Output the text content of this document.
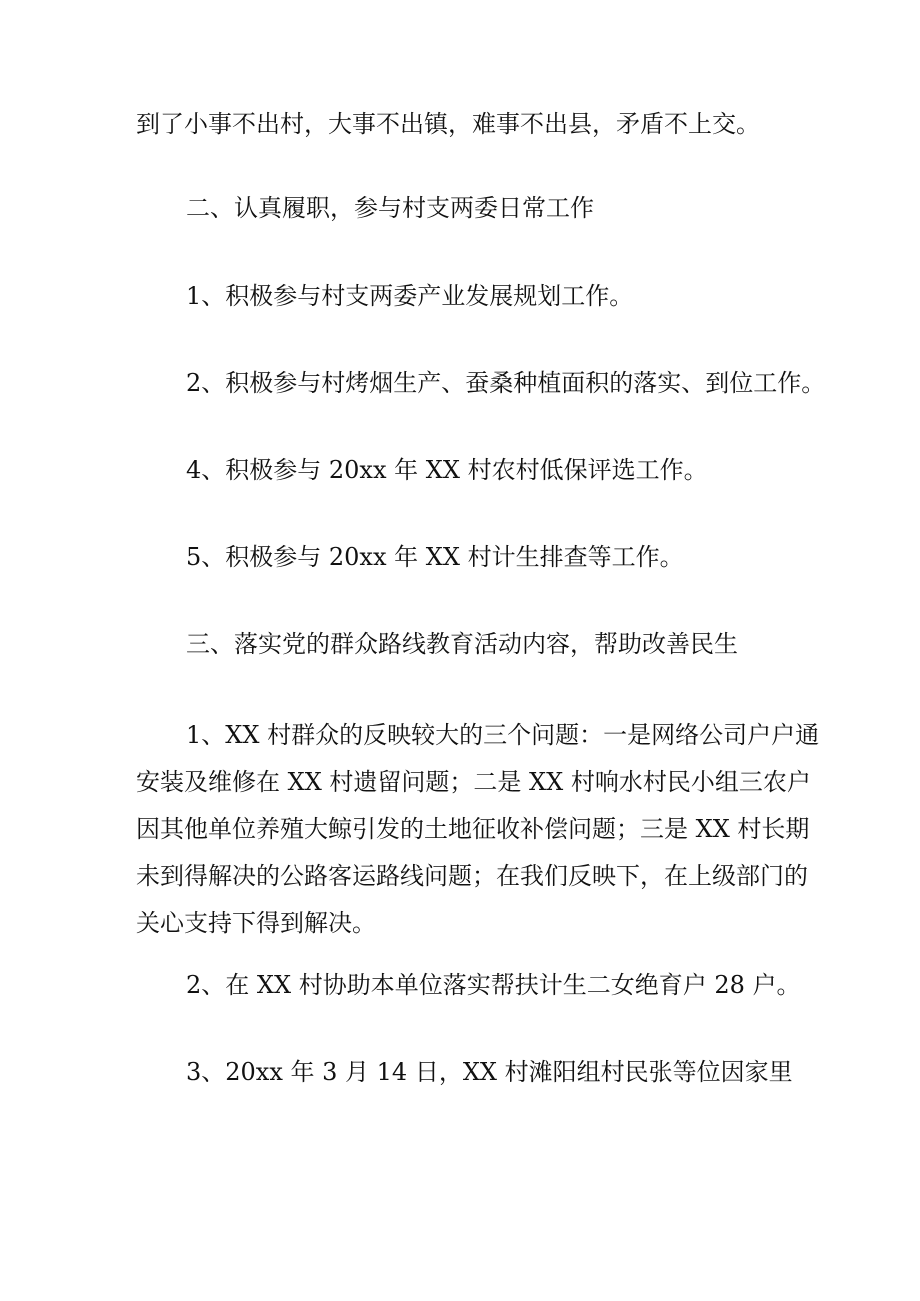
到了小事不出村，大事不出镇，难事不出县，矛盾不上交。

二、认真履职，参与村支两委日常工作

1、积极参与村支两委产业发展规划工作。

2、积极参与村烤烟生产、蚕桑种植面积的落实、到位工作。

4、积极参与 20xx 年 XX 村农村低保评选工作。

5、积极参与 20xx 年 XX 村计生排查等工作。

三、落实党的群众路线教育活动内容，帮助改善民生

1、XX 村群众的反映较大的三个问题：一是网络公司户户通
安装及维修在 XX 村遗留问题；二是 XX 村响水村民小组三农户
因其他单位养殖大鲸引发的土地征收补偿问题；三是 XX 村长期
未到得解决的公路客运路线问题；在我们反映下，在上级部门的
关心支持下得到解决。

2、在 XX 村协助本单位落实帮扶计生二女绝育户 28 户。

3、20xx 年 3 月 14 日，XX 村滩阳组村民张等位因家里
